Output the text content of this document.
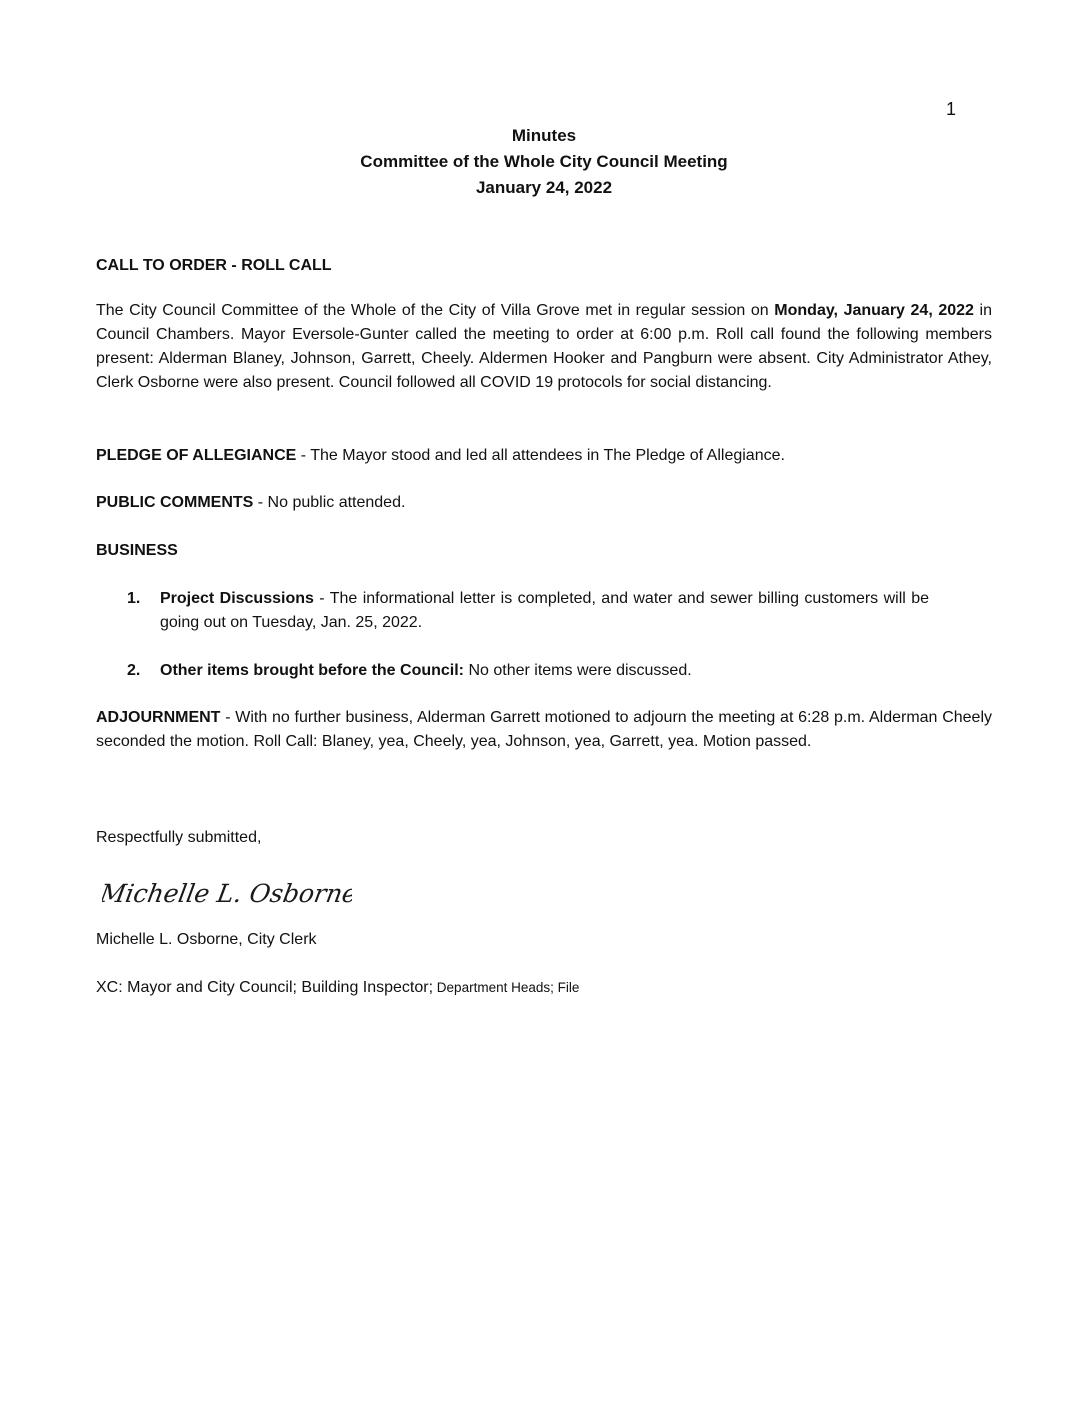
1
Minutes
Committee of the Whole City Council Meeting
January 24, 2022
CALL TO ORDER - ROLL CALL
The City Council Committee of the Whole of the City of Villa Grove met in regular session on Monday, January 24, 2022 in Council Chambers. Mayor Eversole-Gunter called the meeting to order at 6:00 p.m. Roll call found the following members present: Alderman Blaney, Johnson, Garrett, Cheely. Aldermen Hooker and Pangburn were absent. City Administrator Athey, Clerk Osborne were also present. Council followed all COVID 19 protocols for social distancing.
PLEDGE OF ALLEGIANCE - The Mayor stood and led all attendees in The Pledge of Allegiance.
PUBLIC COMMENTS - No public attended.
BUSINESS
1. Project Discussions - The informational letter is completed, and water and sewer billing customers will be going out on Tuesday, Jan. 25, 2022.
2. Other items brought before the Council: No other items were discussed.
ADJOURNMENT - With no further business, Alderman Garrett motioned to adjourn the meeting at 6:28 p.m. Alderman Cheely seconded the motion. Roll Call: Blaney, yea, Cheely, yea, Johnson, yea, Garrett, yea. Motion passed.
Respectfully submitted,
Michelle L. Osborne
Michelle L. Osborne, City Clerk
XC: Mayor and City Council; Building Inspector; Department Heads; File
